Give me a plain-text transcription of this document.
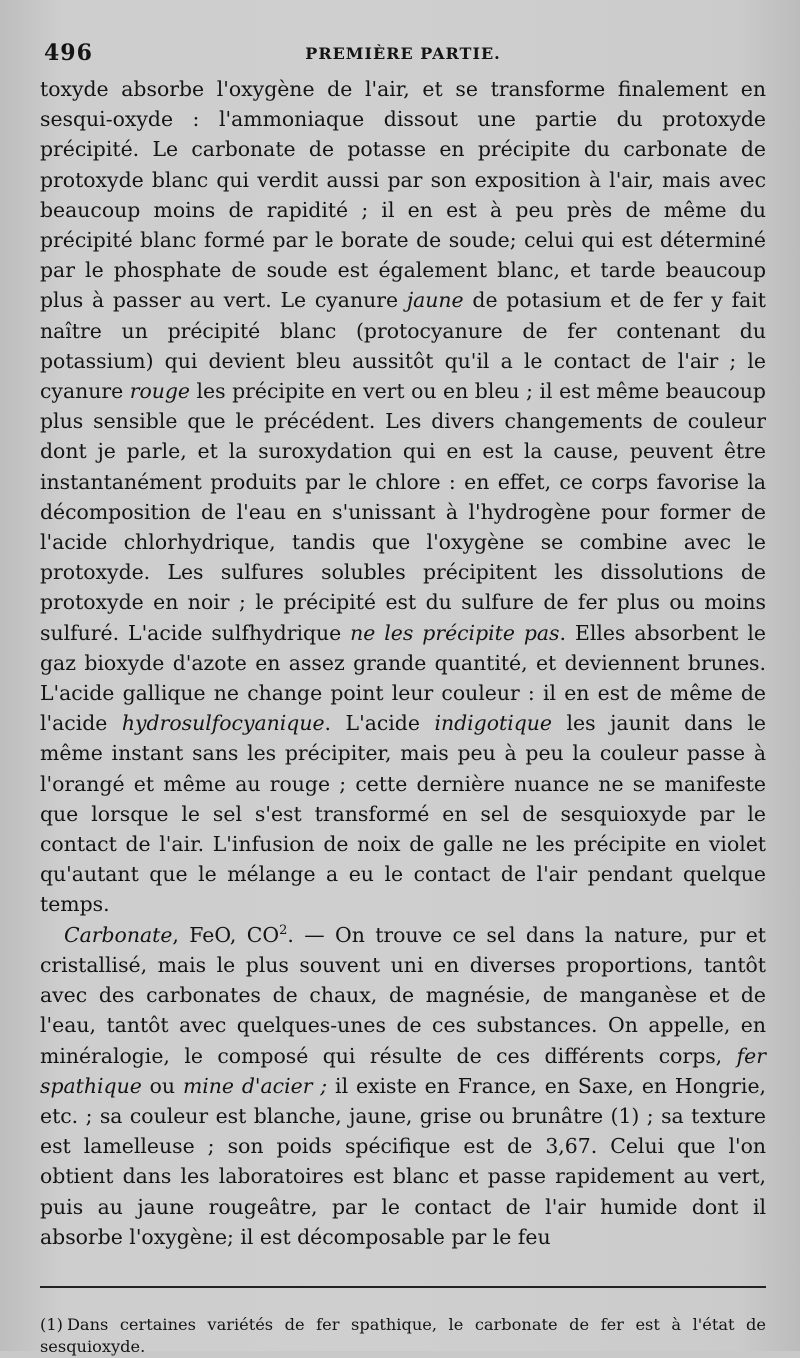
496	PREMIÈRE PARTIE.

toxyde absorbe l'oxygène de l'air, et se transforme finalement en sesqui-oxyde : l'ammoniaque dissout une partie du protoxyde précipité. Le carbonate de potasse en précipite du carbonate de protoxyde blanc qui verdit aussi par son exposition à l'air, mais avec beaucoup moins de rapidité ; il en est à peu près de même du précipité blanc formé par le borate de soude; celui qui est déterminé par le phosphate de soude est également blanc, et tarde beaucoup plus à passer au vert. Le cyanure jaune de potasium et de fer y fait naître un précipité blanc (protocyanure de fer contenant du potassium) qui devient bleu aussitôt qu'il a le contact de l'air ; le cyanure rouge les précipite en vert ou en bleu ; il est même beaucoup plus sensible que le précédent. Les divers changements de couleur dont je parle, et la suroxydation qui en est la cause, peuvent être instantanément produits par le chlore : en effet, ce corps favorise la décomposition de l'eau en s'unissant à l'hydrogène pour former de l'acide chlorhydrique, tandis que l'oxygène se combine avec le protoxyde. Les sulfures solubles précipitent les dissolutions de protoxyde en noir ; le précipité est du sulfure de fer plus ou moins sulfuré. L'acide sulfhydrique ne les précipite pas. Elles absorbent le gaz bioxyde d'azote en assez grande quantité, et deviennent brunes. L'acide gallique ne change point leur couleur : il en est de même de l'acide hydrosulfocyanique. L'acide indigotique les jaunit dans le même instant sans les précipiter, mais peu à peu la couleur passe à l'orangé et même au rouge ; cette dernière nuance ne se manifeste que lorsque le sel s'est transformé en sel de sesquioxyde par le contact de l'air. L'infusion de noix de galle ne les précipite en violet qu'autant que le mélange a eu le contact de l'air pendant quelque temps.

Carbonate, FeO, $CO^2$. — On trouve ce sel dans la nature, pur et cristallisé, mais le plus souvent uni en diverses proportions, tantôt avec des carbonates de chaux, de magnésie, de manganèse et de l'eau, tantôt avec quelques-unes de ces substances. On appelle, en minéralogie, le composé qui résulte de ces différents corps, fer spathique ou mine d'acier ; il existe en France, en Saxe, en Hongrie, etc. ; sa couleur est blanche, jaune, grise ou brunâtre (1) ; sa texture est lamelleuse ; son poids spécifique est de 3,67. Celui que l'on obtient dans les laboratoires est blanc et passe rapidement au vert, puis au jaune rougeâtre, par le contact de l'air humide dont il absorbe l'oxygène; il est décomposable par le feu

(1) Dans certaines variétés de fer spathique, le carbonate de fer est à l'état de sesquioxyde.
